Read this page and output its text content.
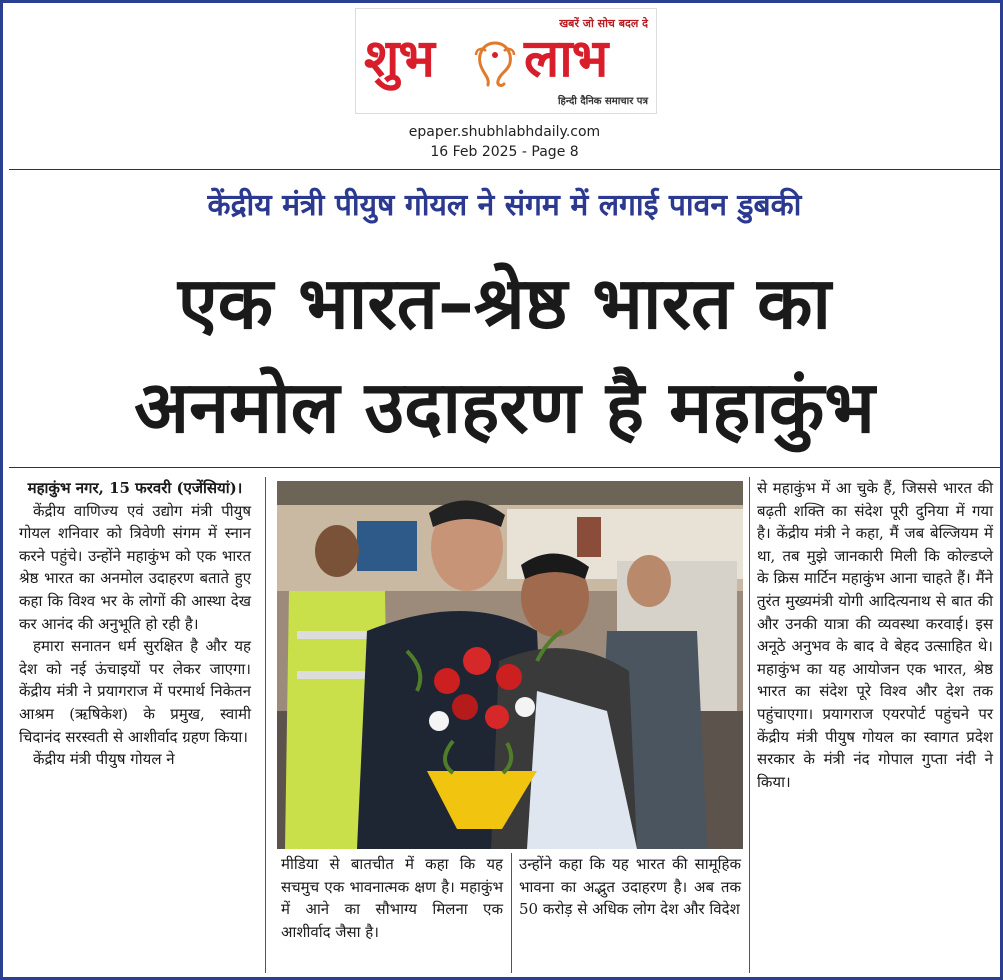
खबरें जो सोच बदल दे
शुभ लाभ
हिन्दी दैनिक समाचार पत्र
epaper.shubhlabhdaily.com
16 Feb 2025 - Page 8
केंद्रीय मंत्री पीयुष गोयल ने संगम में लगाई पावन डुबकी
एक भारत–श्रेष्ठ भारत का
अनमोल उदाहरण है महाकुंभ

महाकुंभ नगर, 15 फरवरी (एजेंसियां)।

केंद्रीय वाणिज्य एवं उद्योग मंत्री पीयुष गोयल शनिवार को त्रिवेणी संगम में स्नान करने पहुंचे। उन्होंने महाकुंभ को एक भारत श्रेष्ठ भारत का अनमोल उदाहरण बताते हुए कहा कि विश्व भर के लोगों की आस्था देख कर आनंद की अनुभूति हो रही है।

हमारा सनातन धर्म सुरक्षित है और यह देश को नई ऊंचाइयों पर लेकर जाएगा। केंद्रीय मंत्री ने प्रयागराज में परमार्थ निकेतन आश्रम (ऋषिकेश) के प्रमुख, स्वामी चिदानंद सरस्वती से आशीर्वाद ग्रहण किया।

केंद्रीय मंत्री पीयुष गोयल ने

मीडिया से बातचीत में कहा कि यह सचमुच एक भावनात्मक क्षण है। महाकुंभ में आने का सौभाग्य मिलना एक आशीर्वाद जैसा है।

उन्होंने कहा कि यह भारत की सामूहिक भावना का अद्भुत उदाहरण है। अब तक 50 करोड़ से अधिक लोग देश और विदेश

से महाकुंभ में आ चुके हैं, जिससे भारत की बढ़ती शक्ति का संदेश पूरी दुनिया में गया है। केंद्रीय मंत्री ने कहा, मैं जब बेल्जियम में था, तब मुझे जानकारी मिली कि कोल्डप्ले के क्रिस मार्टिन महाकुंभ आना चाहते हैं। मैंने तुरंत मुख्यमंत्री योगी आदित्यनाथ से बात की और उनकी यात्रा की व्यवस्था करवाई। इस अनूठे अनुभव के बाद वे बेहद उत्साहित थे। महाकुंभ का यह आयोजन एक भारत, श्रेष्ठ भारत का संदेश पूरे विश्व और देश तक पहुंचाएगा। प्रयागराज एयरपोर्ट पहुंचने पर केंद्रीय मंत्री पीयुष गोयल का स्वागत प्रदेश सरकार के मंत्री नंद गोपाल गुप्ता नंदी ने किया।
